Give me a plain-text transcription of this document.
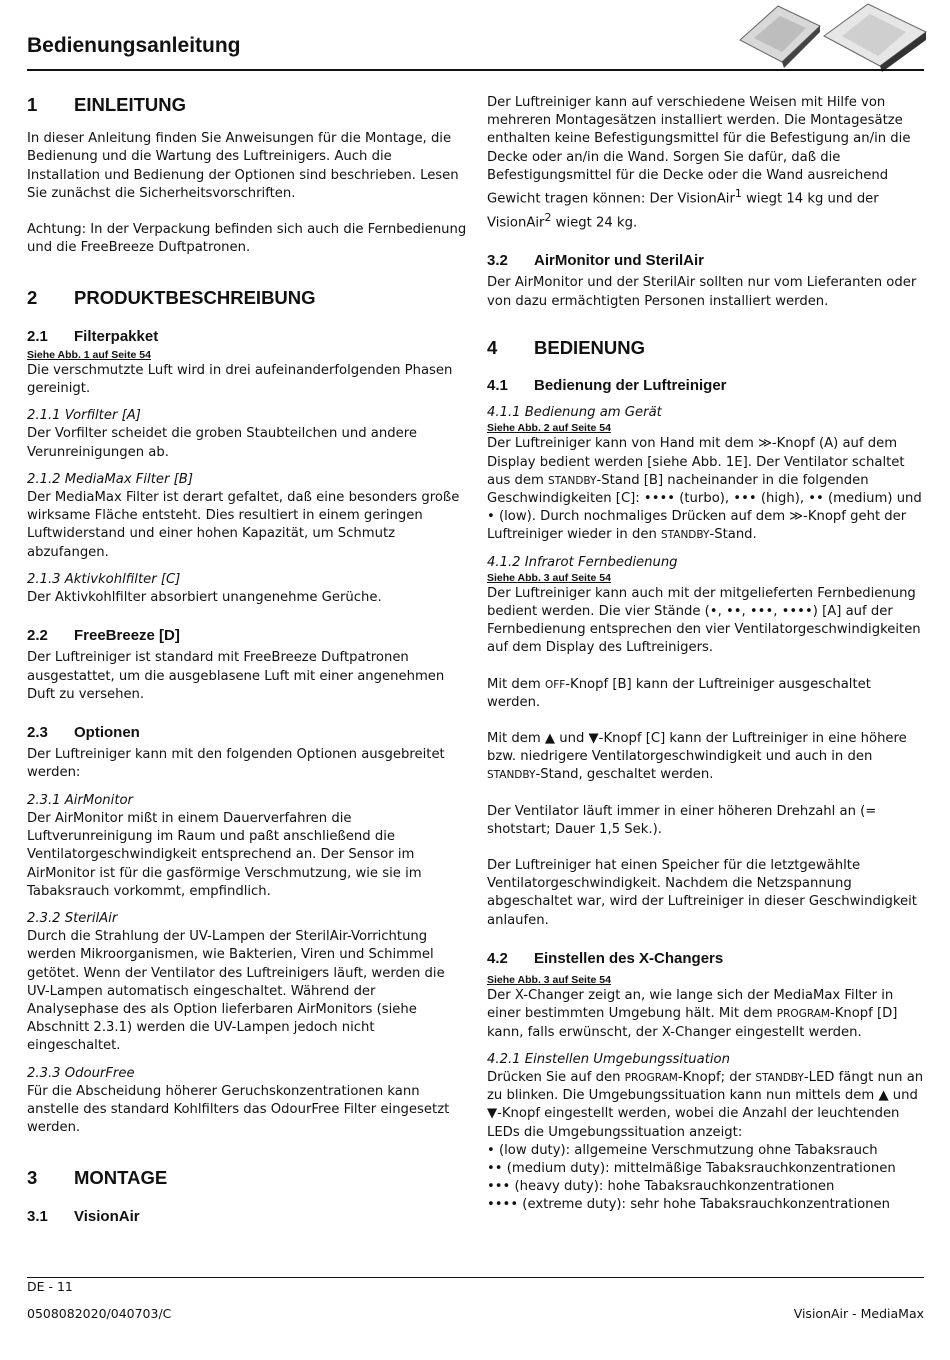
Bedienungsanleitung
1	EINLEITUNG

In dieser Anleitung finden Sie Anweisungen für die Montage, die Bedienung und die Wartung des Luftreinigers. Auch die Installation und Bedienung der Optionen sind beschrieben. Lesen Sie zunächst die Sicherheitsvorschriften.

Achtung: In der Verpackung befinden sich auch die Fernbedienung und die FreeBreeze Duftpatronen.

2	PRODUKTBESCHREIBUNG
2.1	Filterpakket
Siehe Abb. 1 auf Seite 54

Die verschmutzte Luft wird in drei aufeinanderfolgenden Phasen gereinigt.

2.1.1 Vorfilter [A]

Der Vorfilter scheidet die groben Staubteilchen und andere Verunreinigungen ab.

2.1.2 MediaMax Filter [B]

Der MediaMax Filter ist derart gefaltet, daß eine besonders große wirksame Fläche entsteht. Dies resultiert in einem geringen Luftwiderstand und einer hohen Kapazität, um Schmutz abzufangen.

2.1.3 Aktivkohlfilter [C]

Der Aktivkohlfilter absorbiert unangenehme Gerüche.

2.2	FreeBreeze [D]

Der Luftreiniger ist standard mit FreeBreeze Duftpatronen ausgestattet, um die ausgeblasene Luft mit einer angenehmen Duft zu versehen.

2.3	Optionen

Der Luftreiniger kann mit den folgenden Optionen ausgebreitet werden:

2.3.1 AirMonitor

Der AirMonitor mißt in einem Dauerverfahren die Luftverunreinigung im Raum und paßt anschließend die Ventilatorgeschwindigkeit entsprechend an. Der Sensor im AirMonitor ist für die gasförmige Verschmutzung, wie sie im Tabaksrauch vorkommt, empfindlich.

2.3.2 SterilAir

Durch die Strahlung der UV-Lampen der SterilAir-Vorrichtung werden Mikroorganismen, wie Bakterien, Viren und Schimmel getötet. Wenn der Ventilator des Luftreinigers läuft, werden die UV-Lampen automatisch eingeschaltet. Während der Analysephase des als Option lieferbaren AirMonitors (siehe Abschnitt 2.3.1) werden die UV-Lampen jedoch nicht eingeschaltet.

2.3.3 OdourFree

Für die Abscheidung höherer Geruchskonzentrationen kann anstelle des standard Kohlfilters das OdourFree Filter eingesetzt werden.

3	MONTAGE
3.1	VisionAir

Der Luftreiniger kann auf verschiedene Weisen mit Hilfe von mehreren Montagesätzen installiert werden. Die Montagesätze enthalten keine Befestigungsmittel für die Befestigung an/in die Decke oder an/in die Wand. Sorgen Sie dafür, daß die Befestigungsmittel für die Decke oder die Wand ausreichend Gewicht tragen können: Der VisionAir$^1$ wiegt 14 kg und der VisionAir$^2$ wiegt 24 kg.

3.2	AirMonitor und SterilAir

Der AirMonitor und der SterilAir sollten nur vom Lieferanten oder von dazu ermächtigten Personen installiert werden.

4	BEDIENUNG
4.1	Bedienung der Luftreiniger

4.1.1 Bedienung am Gerät

Siehe Abb. 2 auf Seite 54

Der Luftreiniger kann von Hand mit dem ≫-Knopf (A) auf dem Display bedient werden [siehe Abb. 1E]. Der Ventilator schaltet aus dem STANDBY-Stand [B] nacheinander in die folgenden Geschwindigkeiten [C]: •••• (turbo), ••• (high), •• (medium) und • (low). Durch nochmaliges Drücken auf dem ≫-Knopf geht der Luftreiniger wieder in den STANDBY-Stand.

4.1.2 Infrarot Fernbedienung

Siehe Abb. 3 auf Seite 54

Der Luftreiniger kann auch mit der mitgelieferten Fernbedienung bedient werden. Die vier Stände (•, ••, •••, ••••) [A] auf der Fernbedienung entsprechen den vier Ventilatorgeschwindigkeiten auf dem Display des Luftreinigers.

Mit dem OFF-Knopf [B] kann der Luftreiniger ausgeschaltet werden.

Mit dem ▲ und ▼-Knopf [C] kann der Luftreiniger in eine höhere bzw. niedrigere Ventilatorgeschwindigkeit und auch in den STANDBY-Stand, geschaltet werden.

Der Ventilator läuft immer in einer höheren Drehzahl an (= shotstart; Dauer 1,5 Sek.).

Der Luftreiniger hat einen Speicher für die letztgewählte Ventilatorgeschwindigkeit. Nachdem die Netzspannung abgeschaltet war, wird der Luftreiniger in dieser Geschwindigkeit anlaufen.

4.2	Einstellen des X-Changers
Siehe Abb. 3 auf Seite 54

Der X-Changer zeigt an, wie lange sich der MediaMax Filter in einer bestimmten Umgebung hält. Mit dem PROGRAM-Knopf [D] kann, falls erwünscht, der X-Changer eingestellt werden.

4.2.1 Einstellen Umgebungssituation

Drücken Sie auf den PROGRAM-Knopf; der STANDBY-LED fängt nun an zu blinken. Die Umgebungssituation kann nun mittels dem ▲ und ▼-Knopf eingestellt werden, wobei die Anzahl der leuchtenden LEDs die Umgebungssituation anzeigt:

• (low duty): allgemeine Verschmutzung ohne Tabaksrauch

•• (medium duty): mittelmäßige Tabaksrauchkonzentrationen

••• (heavy duty): hohe Tabaksrauchkonzentrationen

•••• (extreme duty): sehr hohe Tabaksrauchkonzentrationen

DE - 11
0508082020/040703/C	VisionAir - MediaMax
